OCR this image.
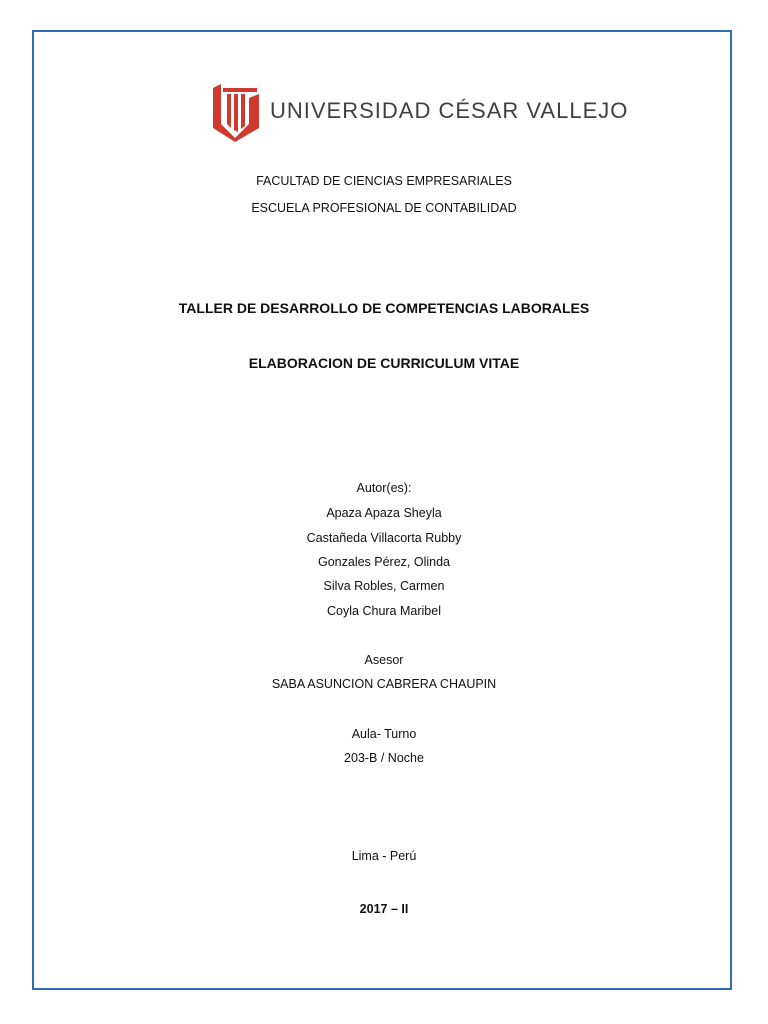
UNIVERSIDAD CÉSAR VALLEJO
FACULTAD DE CIENCIAS EMPRESARIALES
ESCUELA PROFESIONAL DE CONTABILIDAD
TALLER DE DESARROLLO DE COMPETENCIAS LABORALES
ELABORACION DE CURRICULUM VITAE
Autor(es):
Apaza Apaza Sheyla
Castañeda Villacorta Rubby
Gonzales Pérez, Olinda
Silva Robles, Carmen
Coyla Chura Maribel
Asesor
SABA ASUNCION CABRERA CHAUPIN
Aula- Turno
203-B / Noche
Lima - Perú
2017 – II
